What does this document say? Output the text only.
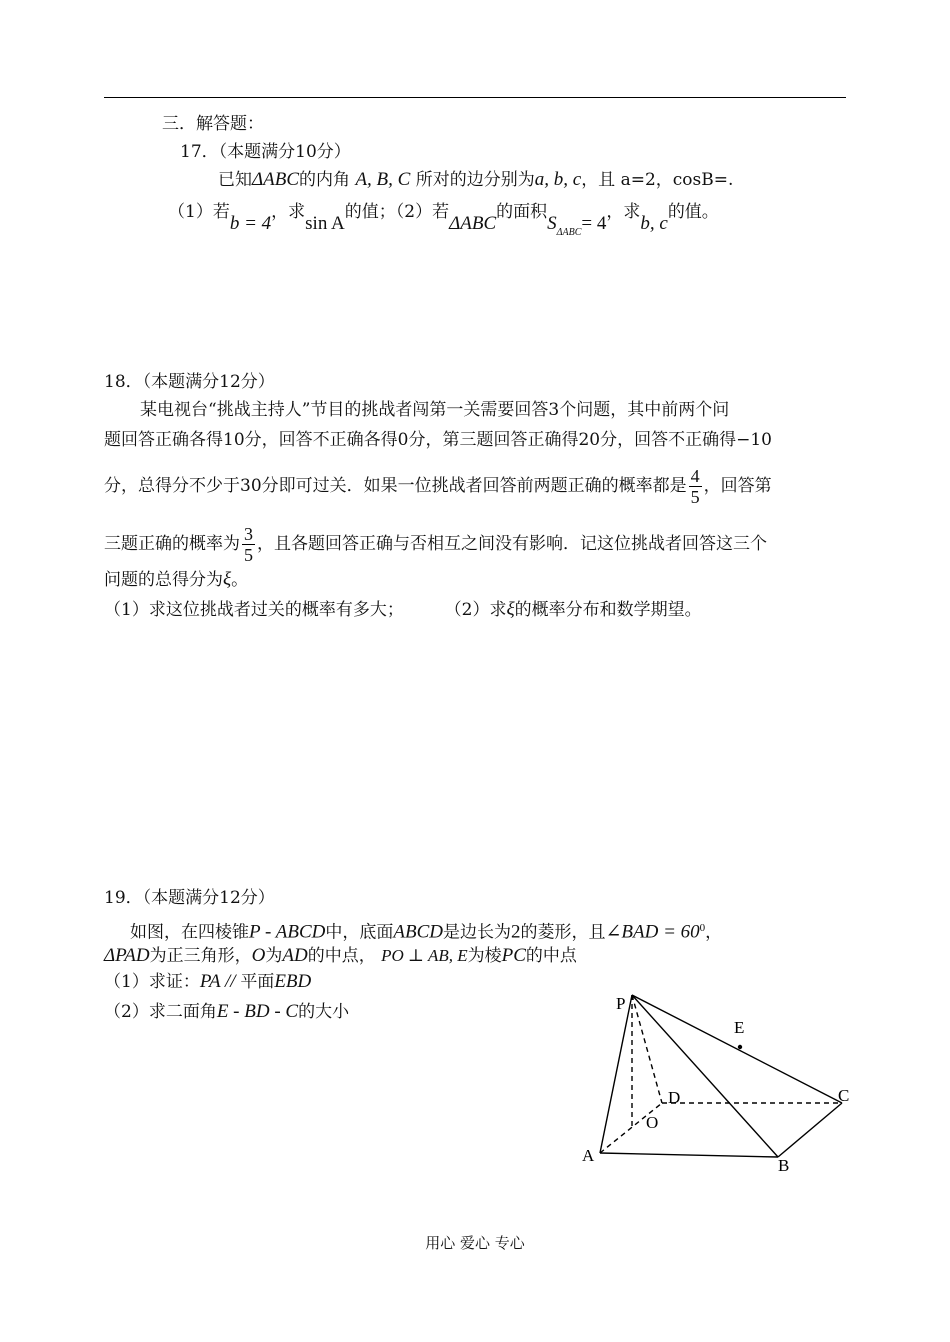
三．解答题：
17．（本题满分10分）
已知ΔABC的内角 A, B, C 所对的边分别为a, b, c，且 a=2，cosB=.
（1）若b = 4，求sin A的值；（2）若ΔABC的面积$S_{\Delta ABC}= 4$，求b, c的值。
18．（本题满分12分）
某电视台“挑战主持人”节目的挑战者闯第一关需要回答3个问题，其中前两个问
题回答正确各得10分，回答不正确各得0分，第三题回答正确得20分，回答不正确得−10
分，总得分不少于30分即可过关．如果一位挑战者回答前两题正确的概率都是 $\frac{4}{5}$ ，回答第
三题正确的概率为 $\frac{3}{5}$ ，且各题回答正确与否相互之间没有影响．记这位挑战者回答这三个
问题的总得分为ξ。
（1）求这位挑战者过关的概率有多大； （2）求ξ的概率分布和数学期望。
19．（本题满分12分）
如图，在四棱锥P - ABCD中，底面ABCD是边长为2的菱形，且∠BAD = $60^0$，
ΔPAD为正三角形，O为AD的中点， PO ⊥ AB, E为棱PC的中点
（1）求证：PA // 平面EBD
（2）求二面角E - BD - C的大小	P
E
D	C
O
A
B
用心 爱心 专心
